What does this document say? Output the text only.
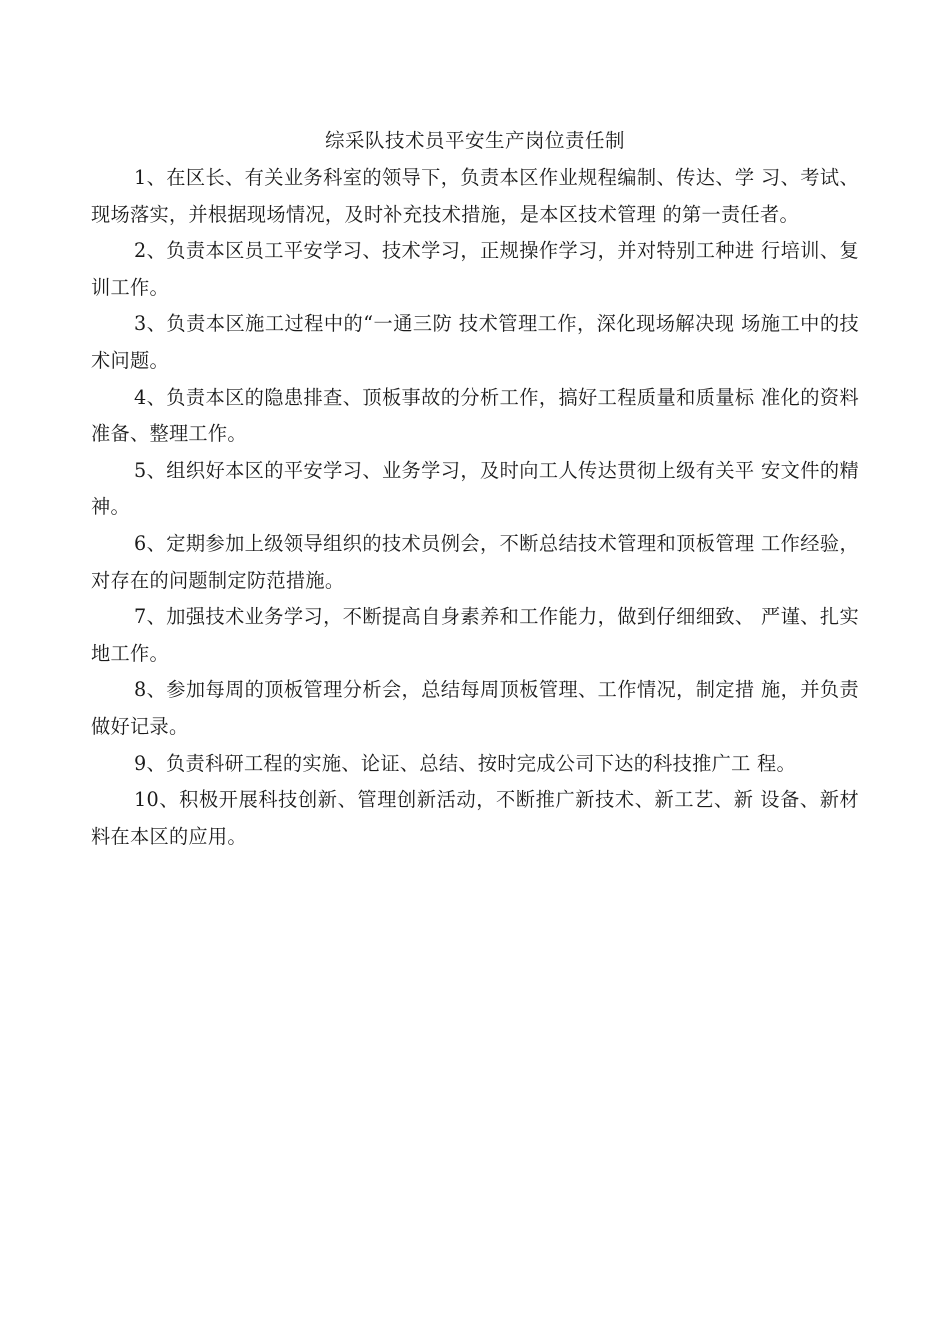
综采队技术员平安生产岗位责任制

1、在区长、有关业务科室的领导下，负责本区作业规程编制、传达、学 习、考试、现场落实，并根据现场情况，及时补充技术措施，是本区技术管理 的第一责任者。

2、负责本区员工平安学习、技术学习，正规操作学习，并对特别工种进 行培训、复训工作。

3、负责本区施工过程中的“一通三防 技术管理工作，深化现场解决现 场施工中的技术问题。

4、负责本区的隐患排查、顶板事故的分析工作，搞好工程质量和质量标 准化的资料准备、整理工作。

5、组织好本区的平安学习、业务学习，及时向工人传达贯彻上级有关平 安文件的精神。

6、定期参加上级领导组织的技术员例会，不断总结技术管理和顶板管理 工作经验，对存在的问题制定防范措施。

7、加强技术业务学习，不断提高自身素养和工作能力，做到仔细细致、 严谨、扎实地工作。

8、参加每周的顶板管理分析会，总结每周顶板管理、工作情况，制定措 施，并负责做好记录。

9、负责科研工程的实施、论证、总结、按时完成公司下达的科技推广工 程。

10、积极开展科技创新、管理创新活动，不断推广新技术、新工艺、新 设备、新材料在本区的应用。
